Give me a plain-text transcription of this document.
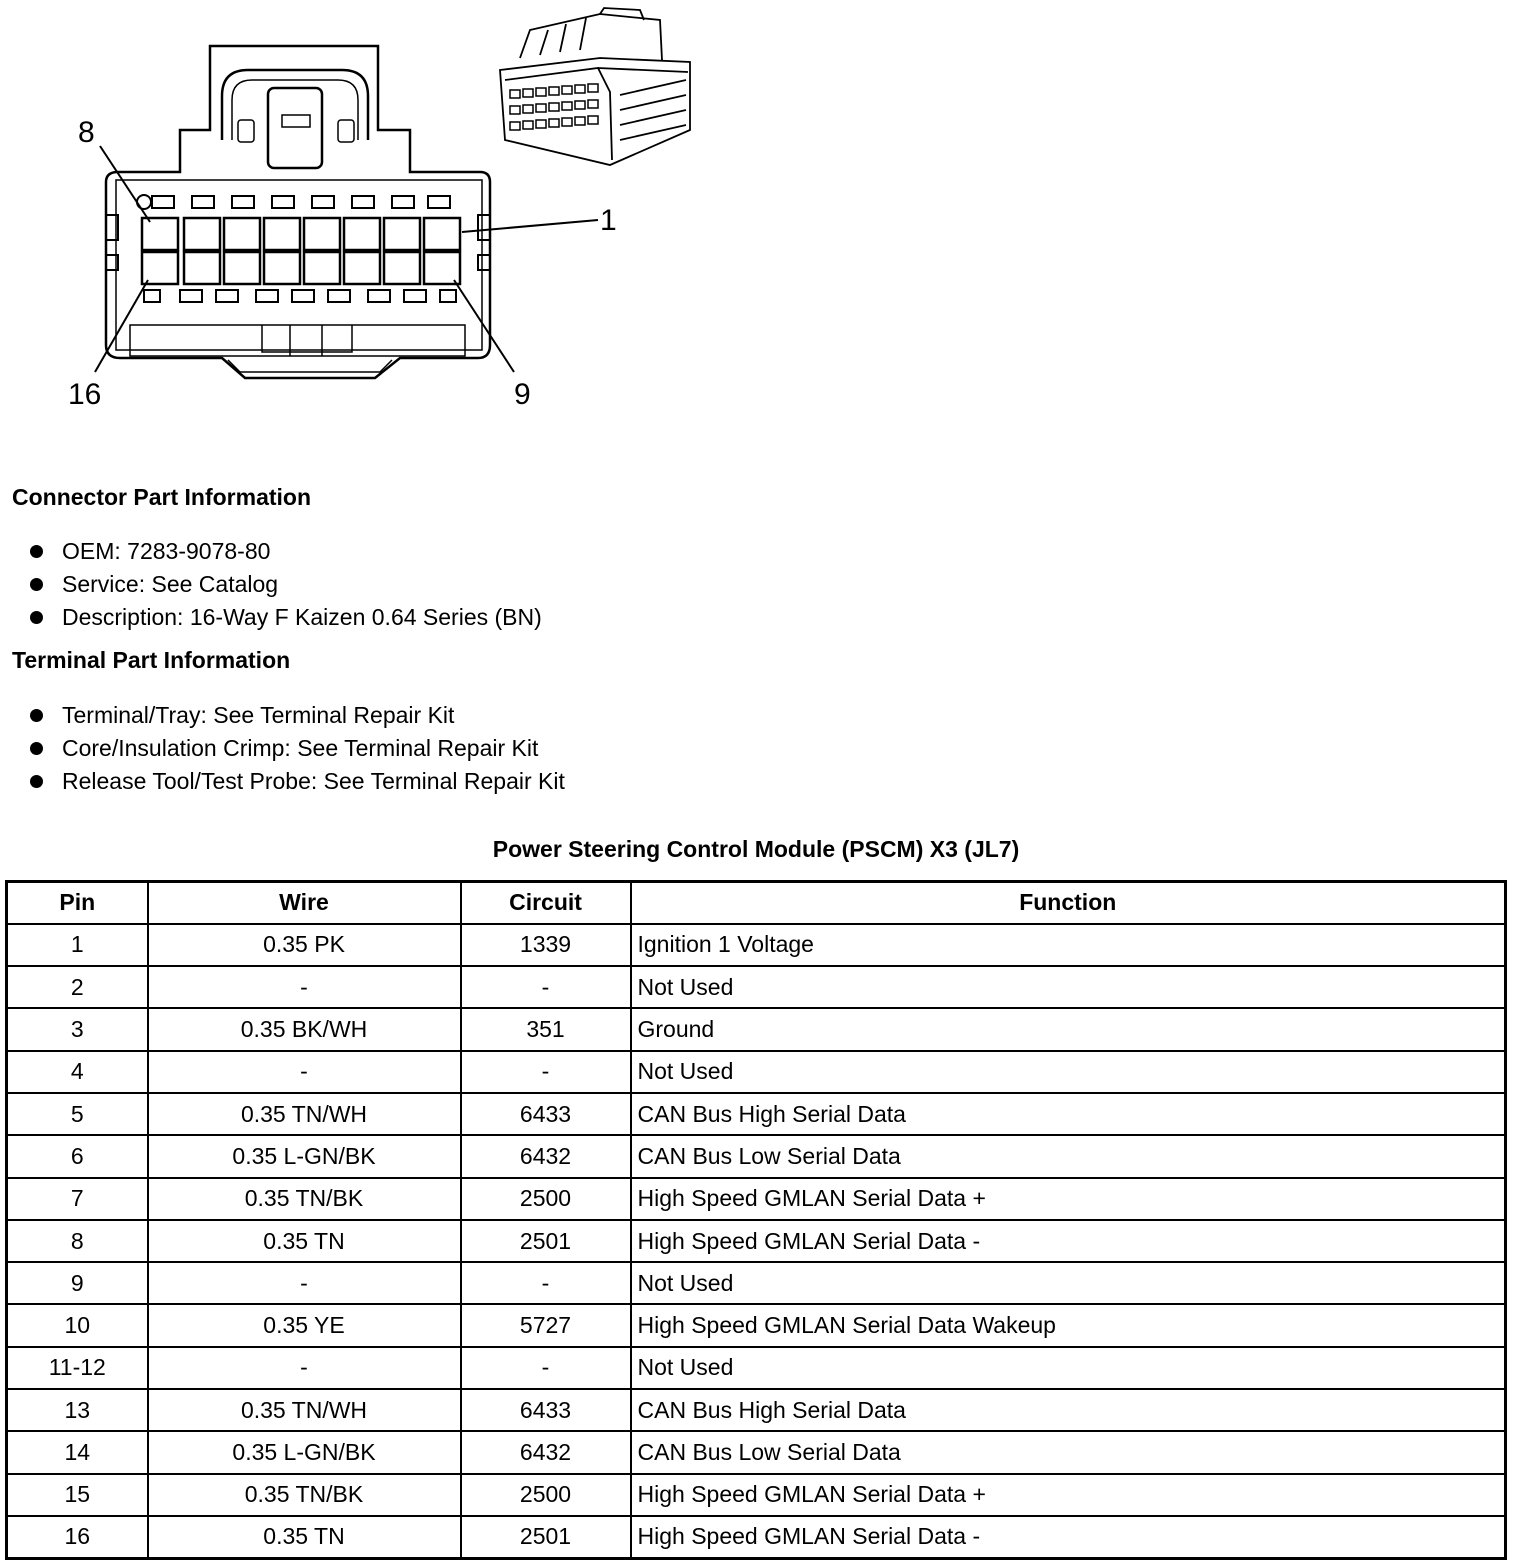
8
1
16	9
Connector Part Information
OEM: 7283-9078-80
Service: See Catalog
Description: 16-Way F Kaizen 0.64 Series (BN)
Terminal Part Information
Terminal/Tray: See Terminal Repair Kit
Core/Insulation Crimp: See Terminal Repair Kit
Release Tool/Test Probe: See Terminal Repair Kit
Power Steering Control Module (PSCM) X3 (JL7)
Pin	Wire	Circuit	Function
1	0.35 PK	1339	Ignition 1 Voltage
2	-	-	Not Used
3	0.35 BK/WH	351	Ground
4	-	-	Not Used
5	0.35 TN/WH	6433	CAN Bus High Serial Data
6	0.35 L-GN/BK	6432	CAN Bus Low Serial Data
7	0.35 TN/BK	2500	High Speed GMLAN Serial Data +
8	0.35 TN	2501	High Speed GMLAN Serial Data -
9	-	-	Not Used
10	0.35 YE	5727	High Speed GMLAN Serial Data Wakeup
11-12	-	-	Not Used
13	0.35 TN/WH	6433	CAN Bus High Serial Data
14	0.35 L-GN/BK	6432	CAN Bus Low Serial Data
15	0.35 TN/BK	2500	High Speed GMLAN Serial Data +
16	0.35 TN	2501	High Speed GMLAN Serial Data -
